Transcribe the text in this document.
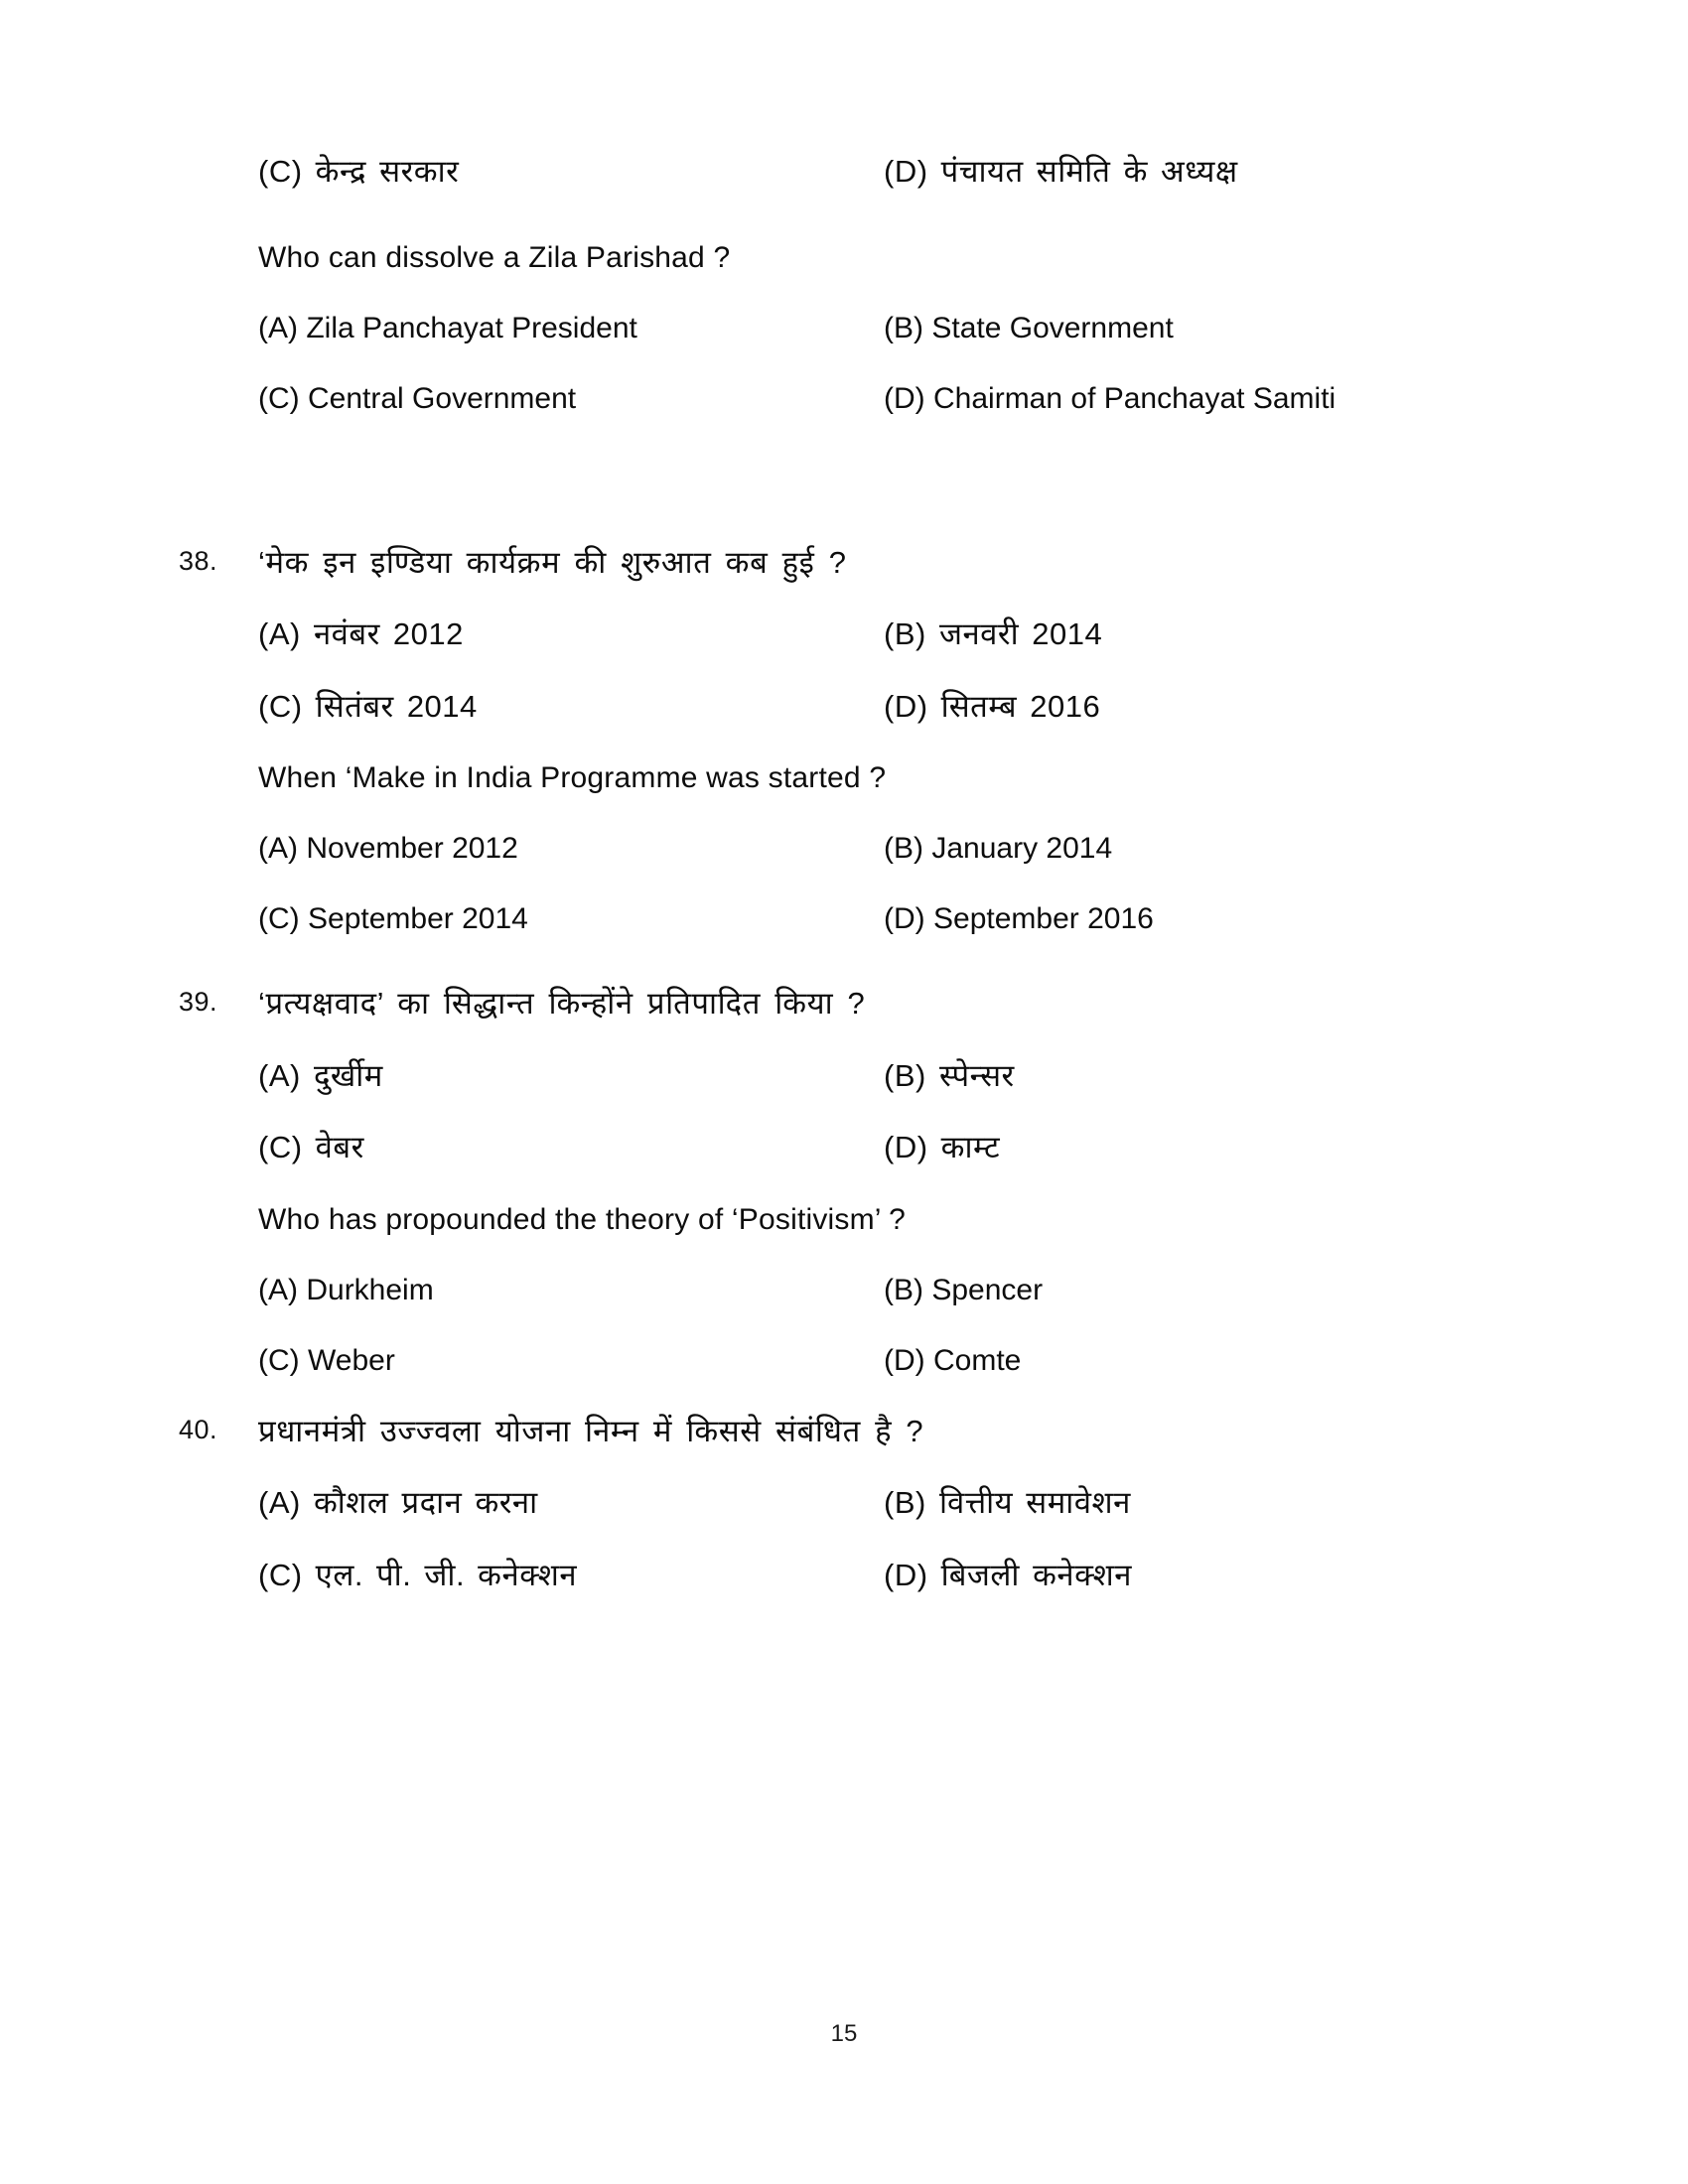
(C) केन्द्र सरकार	(D) पंचायत समिति के अध्यक्ष
Who can dissolve a Zila Parishad ?
(A) Zila Panchayat President	(B) State Government
(C) Central Government	(D) Chairman of Panchayat Samiti
38.	‘मेक इन इण्डिया कार्यक्रम की शुरुआत कब हुई ?
(A) नवंबर 2012	(B) जनवरी 2014
(C) सितंबर 2014	(D) सितम्ब 2016
When ‘Make in India Programme was started ?
(A) November 2012	(B) January 2014
(C) September 2014	(D) September 2016
39.	‘प्रत्यक्षवाद’ का सिद्धान्त किन्होंने प्रतिपादित किया ?
(A) दुर्खीम	(B) स्पेन्सर
(C) वेबर	(D) काम्ट
Who has propounded the theory of ‘Positivism’ ?
(A) Durkheim	(B) Spencer
(C) Weber	(D) Comte
40.	प्रधानमंत्री उज्ज्वला योजना निम्न में किससे संबंधित है ?
(A) कौशल प्रदान करना	(B) वित्तीय समावेशन
(C) एल. पी. जी. कनेक्शन	(D) बिजली कनेक्शन
15
